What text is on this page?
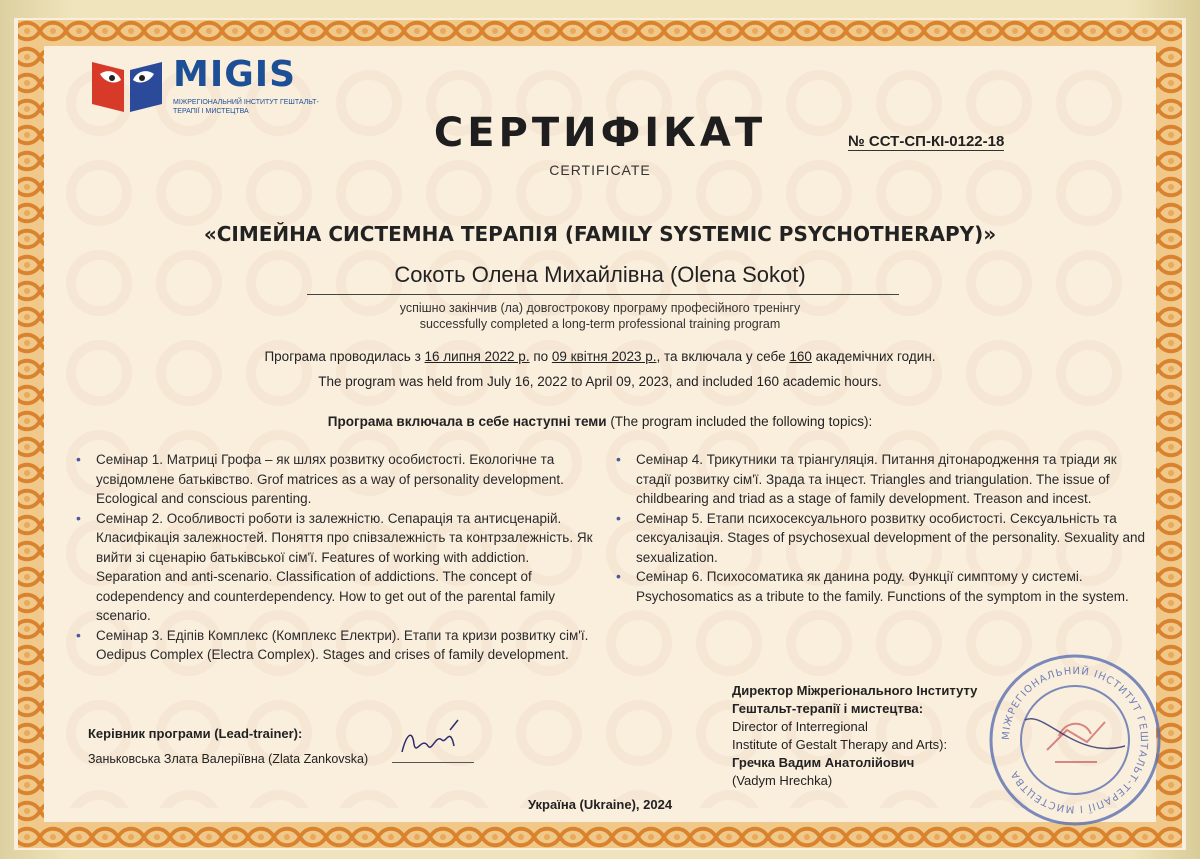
MIGIS
МІЖРЕГІОНАЛЬНИЙ ІНСТИТУТ ГЕШТАЛЬТ-ТЕРАПІЇ І МИСТЕЦТВА	СЕРТИФІКАТ
CERTIFICATE
№ ССТ-СП-КІ-0122-18
«СІМЕЙНА СИСТЕМНА ТЕРАПІЯ (FAMILY SYSTEMIC PSYCHOTHERAPY)»
Сокоть Олена Михайлівна (Olena Sokot)
успішно закінчив (ла) довгострокову програму професійного тренінгу
successfully completed a long-term professional training program
Програма проводилась з 16 липня 2022 р. по 09 квітня 2023 р., та включала у себе 160 академічних годин.
The program was held from July 16, 2022 to April 09, 2023, and included 160 academic hours.
Програма включала в себе наступні теми (The program included the following topics):
• Семінар 1. Матриці Грофа – як шлях розвитку особистості. Екологічне та усвідомлене батьківство. Grof matrices as a way of personality development. Ecological and conscious parenting.
• Семінар 2. Особливості роботи із залежністю. Сепарація та антисценарій. Класифікація залежностей. Поняття про співзалежність та контрзалежність. Як вийти зі сценарію батьківської сім'ї. Features of working with addiction. Separation and anti-scenario. Classification of addictions. The concept of codependency and counterdependency. How to get out of the parental family scenario.
• Семінар 3. Едіпів Комплекс (Комплекс Електри). Етапи та кризи розвитку сім'ї. Oedipus Complex (Electra Complex). Stages and crises of family development.
• Семінар 4. Трикутники та тріангуляція. Питання дітонародження та тріади як стадії розвитку сім'ї. Зрада та інцест. Triangles and triangulation. The issue of childbearing and triad as a stage of family development. Treason and incest.
• Семінар 5. Етапи психосексуального розвитку особистості. Сексуальність та сексуалізація. Stages of psychosexual development of the personality. Sexuality and sexualization.
• Семінар 6. Психосоматика як данина роду. Функції симптому у системі. Psychosomatics as a tribute to the family. Functions of the symptom in the system.
Керівник програми (Lead-trainer):
Заньковська Злата Валеріївна (Zlata Zankovska)
Директор Міжрегіонального Інституту
Гештальт-терапії і мистецтва:
Director of Interregional
Institute of Gestalt Therapy and Arts):
Гречка Вадим Анатолійович
(Vadym Hrechka)
МІЖРЕГІОНАЛЬНИЙ ІНСТИТУТ ГЕШТАЛЬТ-ТЕРАПІЇ І МИСТЕЦТВА
Україна (Ukraine), 2024
